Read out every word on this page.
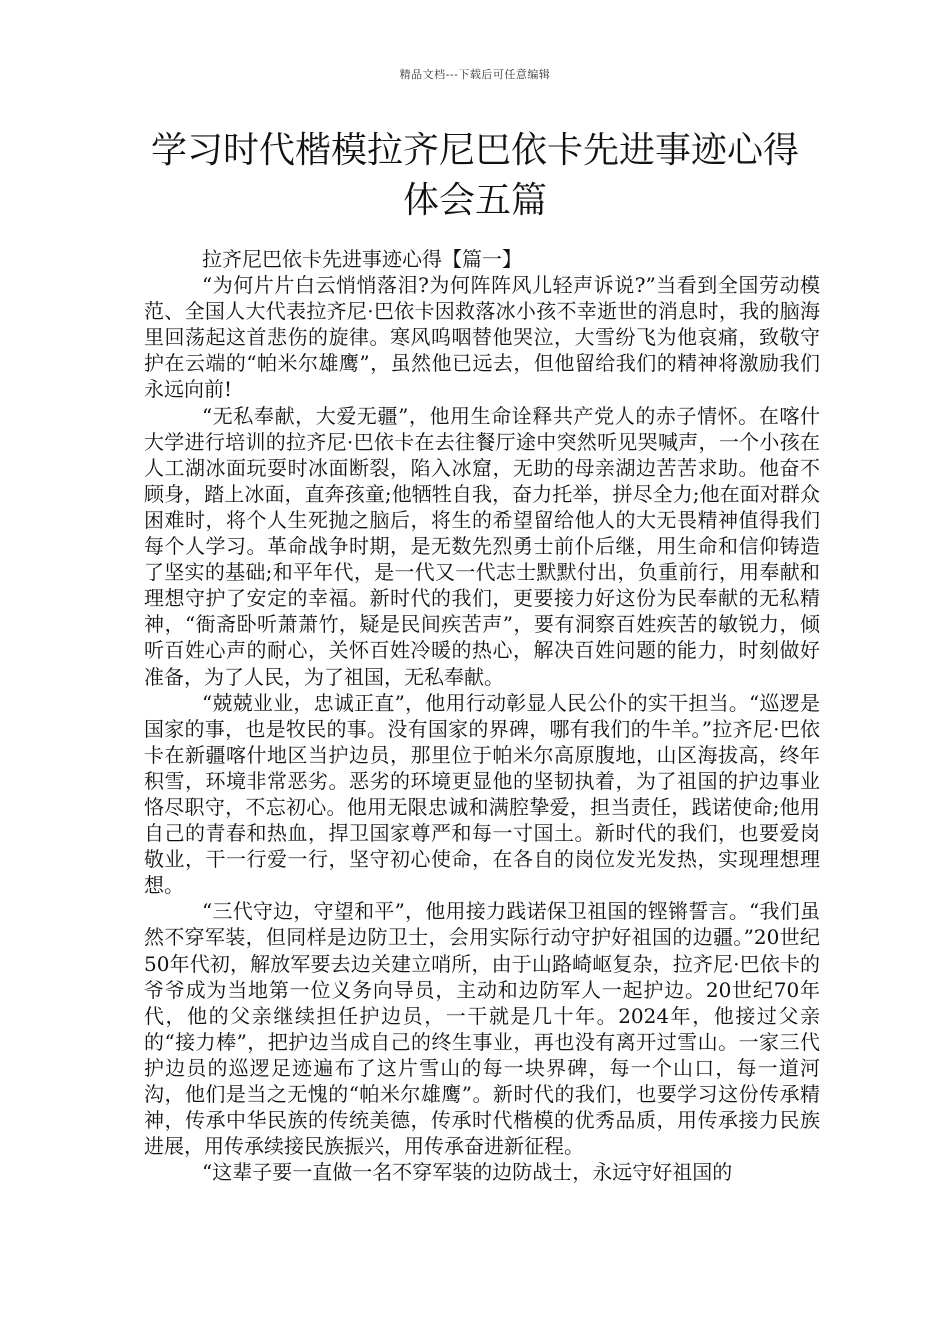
精品文档---下载后可任意编辑
学习时代楷模拉齐尼巴依卡先进事迹心得
体会五篇

拉齐尼巴依卡先进事迹心得【篇一】

“为何片片白云悄悄落泪?为何阵阵风儿轻声诉说?”当看到全国劳动模范、全国人大代表拉齐尼·巴依卡因救落冰小孩不幸逝世的消息时，我的脑海里回荡起这首悲伤的旋律。寒风呜咽替他哭泣，大雪纷飞为他哀痛，致敬守护在云端的“帕米尔雄鹰”，虽然他已远去，但他留给我们的精神将激励我们永远向前!

“无私奉献，大爱无疆”，他用生命诠释共产党人的赤子情怀。在喀什大学进行培训的拉齐尼·巴依卡在去往餐厅途中突然听见哭喊声，一个小孩在人工湖冰面玩耍时冰面断裂，陷入冰窟，无助的母亲湖边苦苦求助。他奋不顾身，踏上冰面，直奔孩童;他牺牲自我，奋力托举，拼尽全力;他在面对群众困难时，将个人生死抛之脑后，将生的希望留给他人的大无畏精神值得我们每个人学习。革命战争时期，是无数先烈勇士前仆后继，用生命和信仰铸造了坚实的基础;和平年代，是一代又一代志士默默付出，负重前行，用奉献和理想守护了安定的幸福。新时代的我们，更要接力好这份为民奉献的无私精神，“衙斋卧听萧萧竹，疑是民间疾苦声”，要有洞察百姓疾苦的敏锐力，倾听百姓心声的耐心，关怀百姓冷暖的热心，解决百姓问题的能力，时刻做好准备，为了人民，为了祖国，无私奉献。

“兢兢业业，忠诚正直”，他用行动彰显人民公仆的实干担当。“巡逻是国家的事，也是牧民的事。没有国家的界碑，哪有我们的牛羊。”拉齐尼·巴依卡在新疆喀什地区当护边员，那里位于帕米尔高原腹地，山区海拔高，终年积雪，环境非常恶劣。恶劣的环境更显他的坚韧执着，为了祖国的护边事业恪尽职守，不忘初心。他用无限忠诚和满腔挚爱，担当责任，践诺使命;他用自己的青春和热血，捍卫国家尊严和每一寸国土。新时代的我们，也要爱岗敬业，干一行爱一行，坚守初心使命，在各自的岗位发光发热，实现理想理想。

“三代守边，守望和平”，他用接力践诺保卫祖国的铿锵誓言。“我们虽然不穿军装，但同样是边防卫士，会用实际行动守护好祖国的边疆。”20世纪50年代初，解放军要去边关建立哨所，由于山路崎岖复杂，拉齐尼·巴依卡的爷爷成为当地第一位义务向导员，主动和边防军人一起护边。20世纪70年代，他的父亲继续担任护边员，一干就是几十年。2024年，他接过父亲的“接力棒”，把护边当成自己的终生事业，再也没有离开过雪山。一家三代护边员的巡逻足迹遍布了这片雪山的每一块界碑，每一个山口，每一道河沟，他们是当之无愧的“帕米尔雄鹰”。新时代的我们，也要学习这份传承精神，传承中华民族的传统美德，传承时代楷模的优秀品质，用传承接力民族进展，用传承续接民族振兴，用传承奋进新征程。

“这辈子要一直做一名不穿军装的边防战士，永远守好祖国的
